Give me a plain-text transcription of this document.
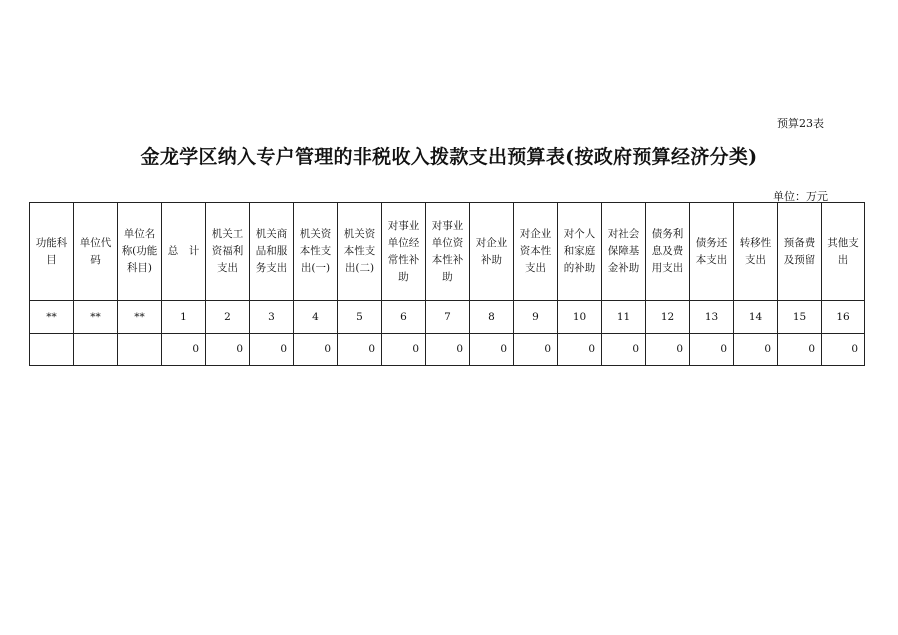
预算23表
金龙学区纳入专户管理的非税收入拨款支出预算表(按政府预算经济分类)
单位：万元
功能科目	单位代码	单位名称(功能科目)	总　计	机关工资福利支出	机关商品和服务支出	机关资本性支出(一)	机关资本性支出(二)	对事业单位经常性补助	对事业单位资本性补助	对企业补助	对企业资本性支出	对个人和家庭的补助	对社会保障基金补助	债务利息及费用支出	债务还本支出	转移性支出	预备费及预留	其他支出
**	**	**	1	2	3	4	5	6	7	8	9	10	11	12	13	14	15	16
			0	0	0	0	0	0	0	0	0	0	0	0	0	0	0	0
